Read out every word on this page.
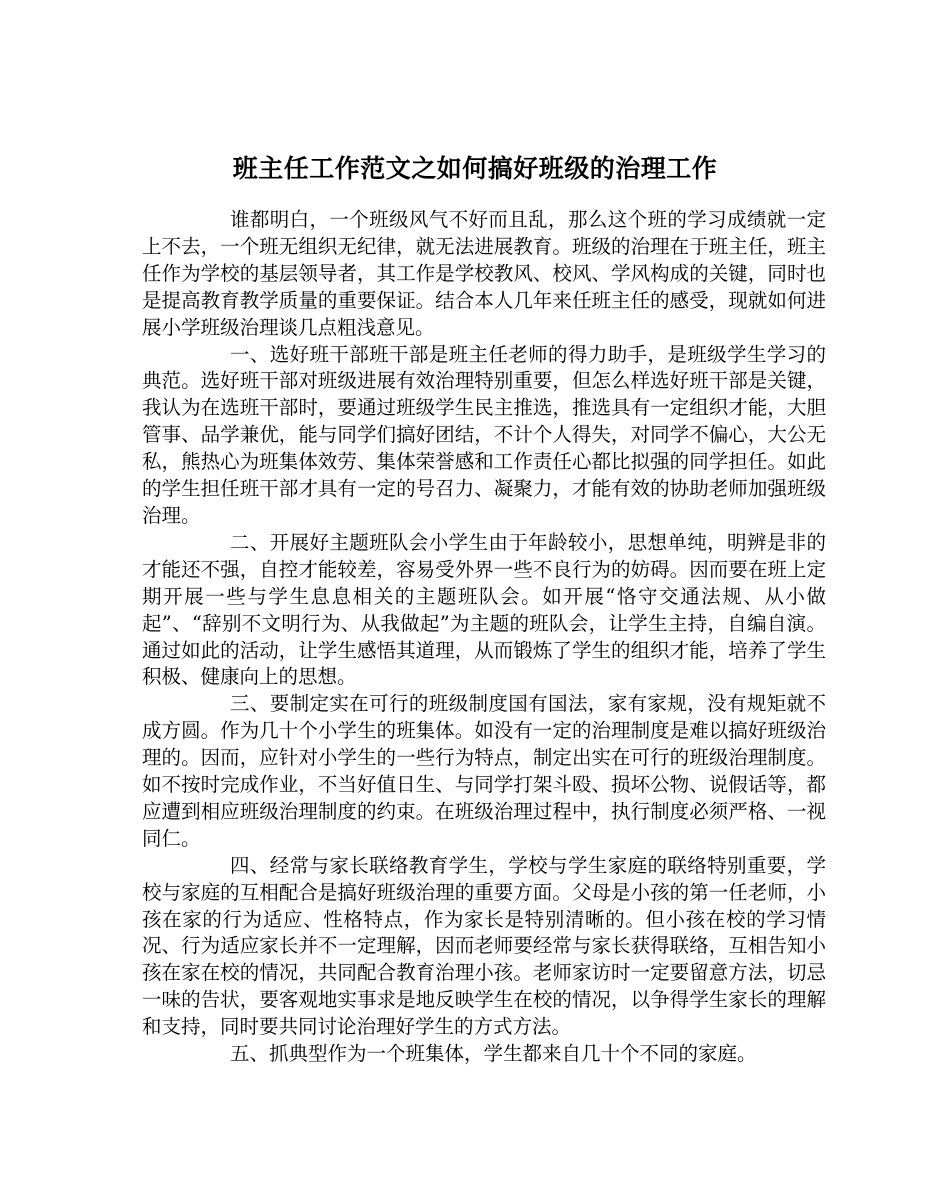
班主任工作范文之如何搞好班级的治理工作

谁都明白，一个班级风气不好而且乱，那么这个班的学习成绩就一定上不去，一个班无组织无纪律，就无法进展教育。班级的治理在于班主任，班主任作为学校的基层领导者，其工作是学校教风、校风、学风构成的关键，同时也是提高教育教学质量的重要保证。结合本人几年来任班主任的感受，现就如何进展小学班级治理谈几点粗浅意见。

一、选好班干部班干部是班主任老师的得力助手，是班级学生学习的典范。选好班干部对班级进展有效治理特别重要，但怎么样选好班干部是关键，我认为在选班干部时，要通过班级学生民主推选，推选具有一定组织才能，大胆管事、品学兼优，能与同学们搞好团结，不计个人得失，对同学不偏心，大公无私，熊热心为班集体效劳、集体荣誉感和工作责任心都比拟强的同学担任。如此的学生担任班干部才具有一定的号召力、凝聚力，才能有效的协助老师加强班级治理。

二、开展好主题班队会小学生由于年龄较小，思想单纯，明辨是非的才能还不强，自控才能较差，容易受外界一些不良行为的妨碍。因而要在班上定期开展一些与学生息息相关的主题班队会。如开展“恪守交通法规、从小做起”、“辞别不文明行为、从我做起”为主题的班队会，让学生主持，自编自演。通过如此的活动，让学生感悟其道理，从而锻炼了学生的组织才能，培养了学生积极、健康向上的思想。

三、要制定实在可行的班级制度国有国法，家有家规，没有规矩就不成方圆。作为几十个小学生的班集体。如没有一定的治理制度是难以搞好班级治理的。因而，应针对小学生的一些行为特点，制定出实在可行的班级治理制度。如不按时完成作业，不当好值日生、与同学打架斗殴、损坏公物、说假话等，都应遭到相应班级治理制度的约束。在班级治理过程中，执行制度必须严格、一视同仁。

四、经常与家长联络教育学生，学校与学生家庭的联络特别重要，学校与家庭的互相配合是搞好班级治理的重要方面。父母是小孩的第一任老师，小孩在家的行为适应、性格特点，作为家长是特别清晰的。但小孩在校的学习情况、行为适应家长并不一定理解，因而老师要经常与家长获得联络，互相告知小孩在家在校的情况，共同配合教育治理小孩。老师家访时一定要留意方法，切忌一味的告状，要客观地实事求是地反映学生在校的情况，以争得学生家长的理解和支持，同时要共同讨论治理好学生的方式方法。

五、抓典型作为一个班集体，学生都来自几十个不同的家庭。
